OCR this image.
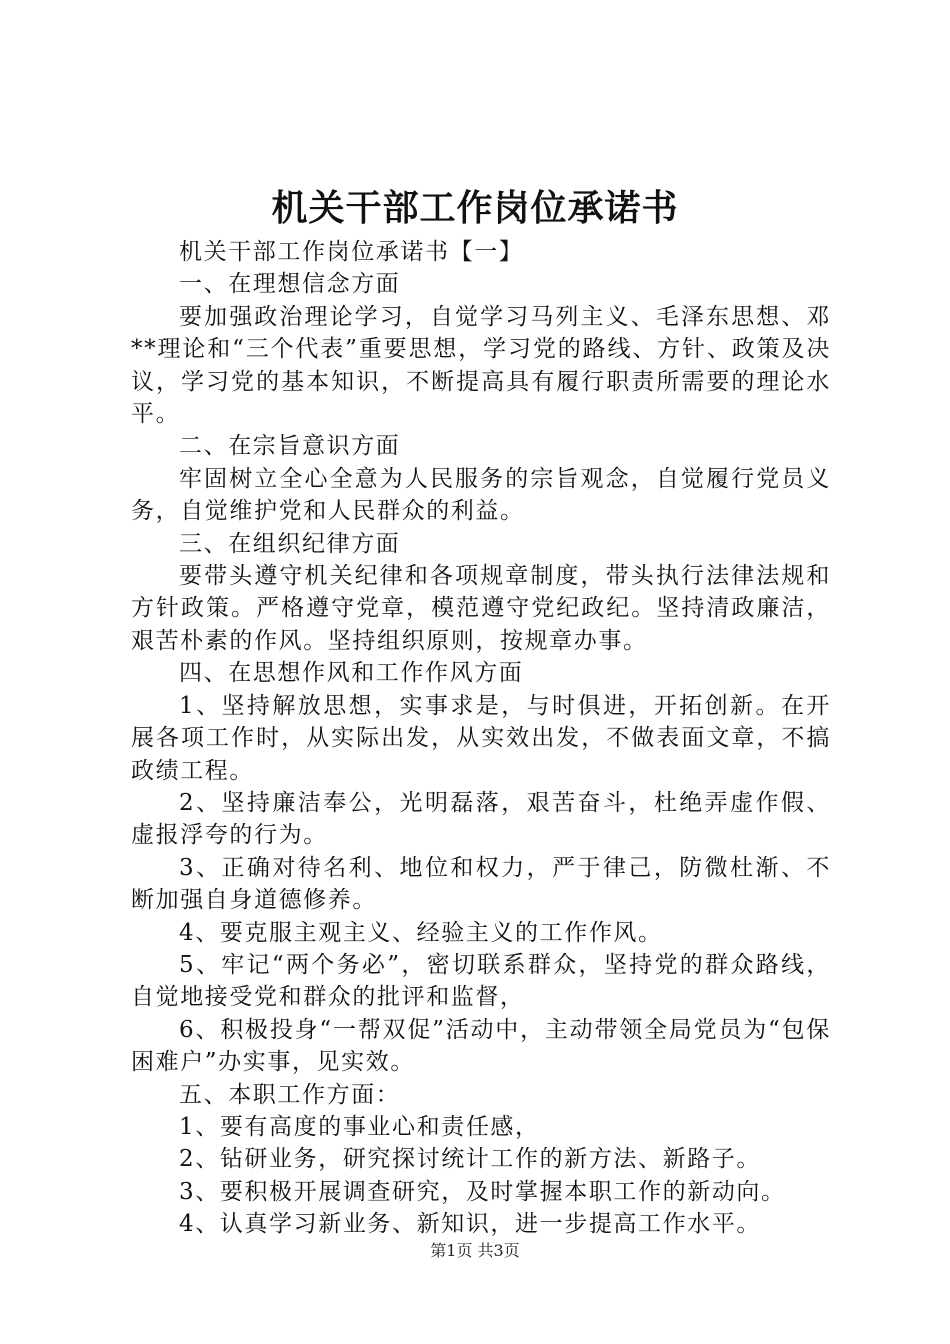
机关干部工作岗位承诺书

机关干部工作岗位承诺书【一】

一、在理想信念方面

要加强政治理论学习，自觉学习马列主义、毛泽东思想、邓**理论和“三个代表”重要思想，学习党的路线、方针、政策及决议，学习党的基本知识，不断提高具有履行职责所需要的理论水平。

二、在宗旨意识方面

牢固树立全心全意为人民服务的宗旨观念，自觉履行党员义务，自觉维护党和人民群众的利益。

三、在组织纪律方面

要带头遵守机关纪律和各项规章制度，带头执行法律法规和方针政策。严格遵守党章，模范遵守党纪政纪。坚持清政廉洁，艰苦朴素的作风。坚持组织原则，按规章办事。

四、在思想作风和工作作风方面

1、坚持解放思想，实事求是，与时俱进，开拓创新。在开展各项工作时，从实际出发，从实效出发，不做表面文章，不搞政绩工程。

2、坚持廉洁奉公，光明磊落，艰苦奋斗，杜绝弄虚作假、虚报浮夸的行为。

3、正确对待名利、地位和权力，严于律己，防微杜渐、不断加强自身道德修养。

4、要克服主观主义、经验主义的工作作风。

5、牢记“两个务必”，密切联系群众，坚持党的群众路线，自觉地接受党和群众的批评和监督，

6、积极投身“一帮双促”活动中，主动带领全局党员为“包保困难户”办实事，见实效。

五、本职工作方面：

1、要有高度的事业心和责任感，

2、钻研业务，研究探讨统计工作的新方法、新路子。

3、要积极开展调查研究，及时掌握本职工作的新动向。

4、认真学习新业务、新知识，进一步提高工作水平。

第1页 共3页
